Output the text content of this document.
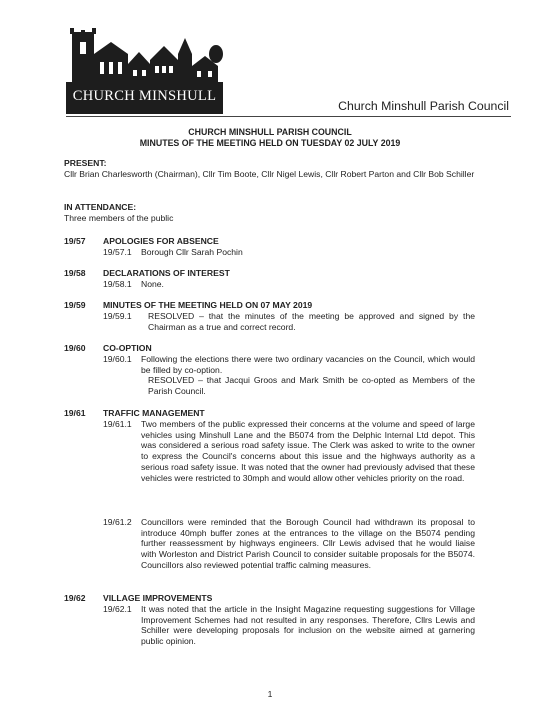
CHURCH MINSHULL
Church Minshull Parish Council
CHURCH MINSHULL PARISH COUNCIL
MINUTES OF THE MEETING HELD ON TUESDAY 02 JULY 2019
PRESENT:
Cllr Brian Charlesworth (Chairman), Cllr Tim Boote, Cllr Nigel Lewis, Cllr Robert Parton and Cllr Bob Schiller
IN ATTENDANCE:
Three members of the public
19/57 APOLOGIES FOR ABSENCE
19/57.1 Borough Cllr Sarah Pochin
19/58 DECLARATIONS OF INTEREST
19/58.1 None.
19/59 MINUTES OF THE MEETING HELD ON 07 MAY 2019
19/59.1 RESOLVED – that the minutes of the meeting be approved and signed by the Chairman as a true and correct record.
19/60 CO-OPTION
19/60.1 Following the elections there were two ordinary vacancies on the Council, which would be filled by co-option.
RESOLVED – that Jacqui Groos and Mark Smith be co-opted as Members of the Parish Council.
19/61 TRAFFIC MANAGEMENT
19/61.1 Two members of the public expressed their concerns at the volume and speed of large vehicles using Minshull Lane and the B5074 from the Delphic Internal Ltd depot. This was considered a serious road safety issue. The Clerk was asked to write to the owner to express the Council's concerns about this issue and the highways authority as a serious road safety issue. It was noted that the owner had previously advised that these vehicles were restricted to 30mph and would allow other vehicles priority on the road.
19/61.2 Councillors were reminded that the Borough Council had withdrawn its proposal to introduce 40mph buffer zones at the entrances to the village on the B5074 pending further reassessment by highways engineers. Cllr Lewis advised that he would liaise with Worleston and District Parish Council to consider suitable proposals for the B5074. Councillors also reviewed potential traffic calming measures.
19/62 VILLAGE IMPROVEMENTS
19/62.1 It was noted that the article in the Insight Magazine requesting suggestions for Village Improvement Schemes had not resulted in any responses. Therefore, Cllrs Lewis and Schiller were developing proposals for inclusion on the website aimed at garnering public opinion.
1
